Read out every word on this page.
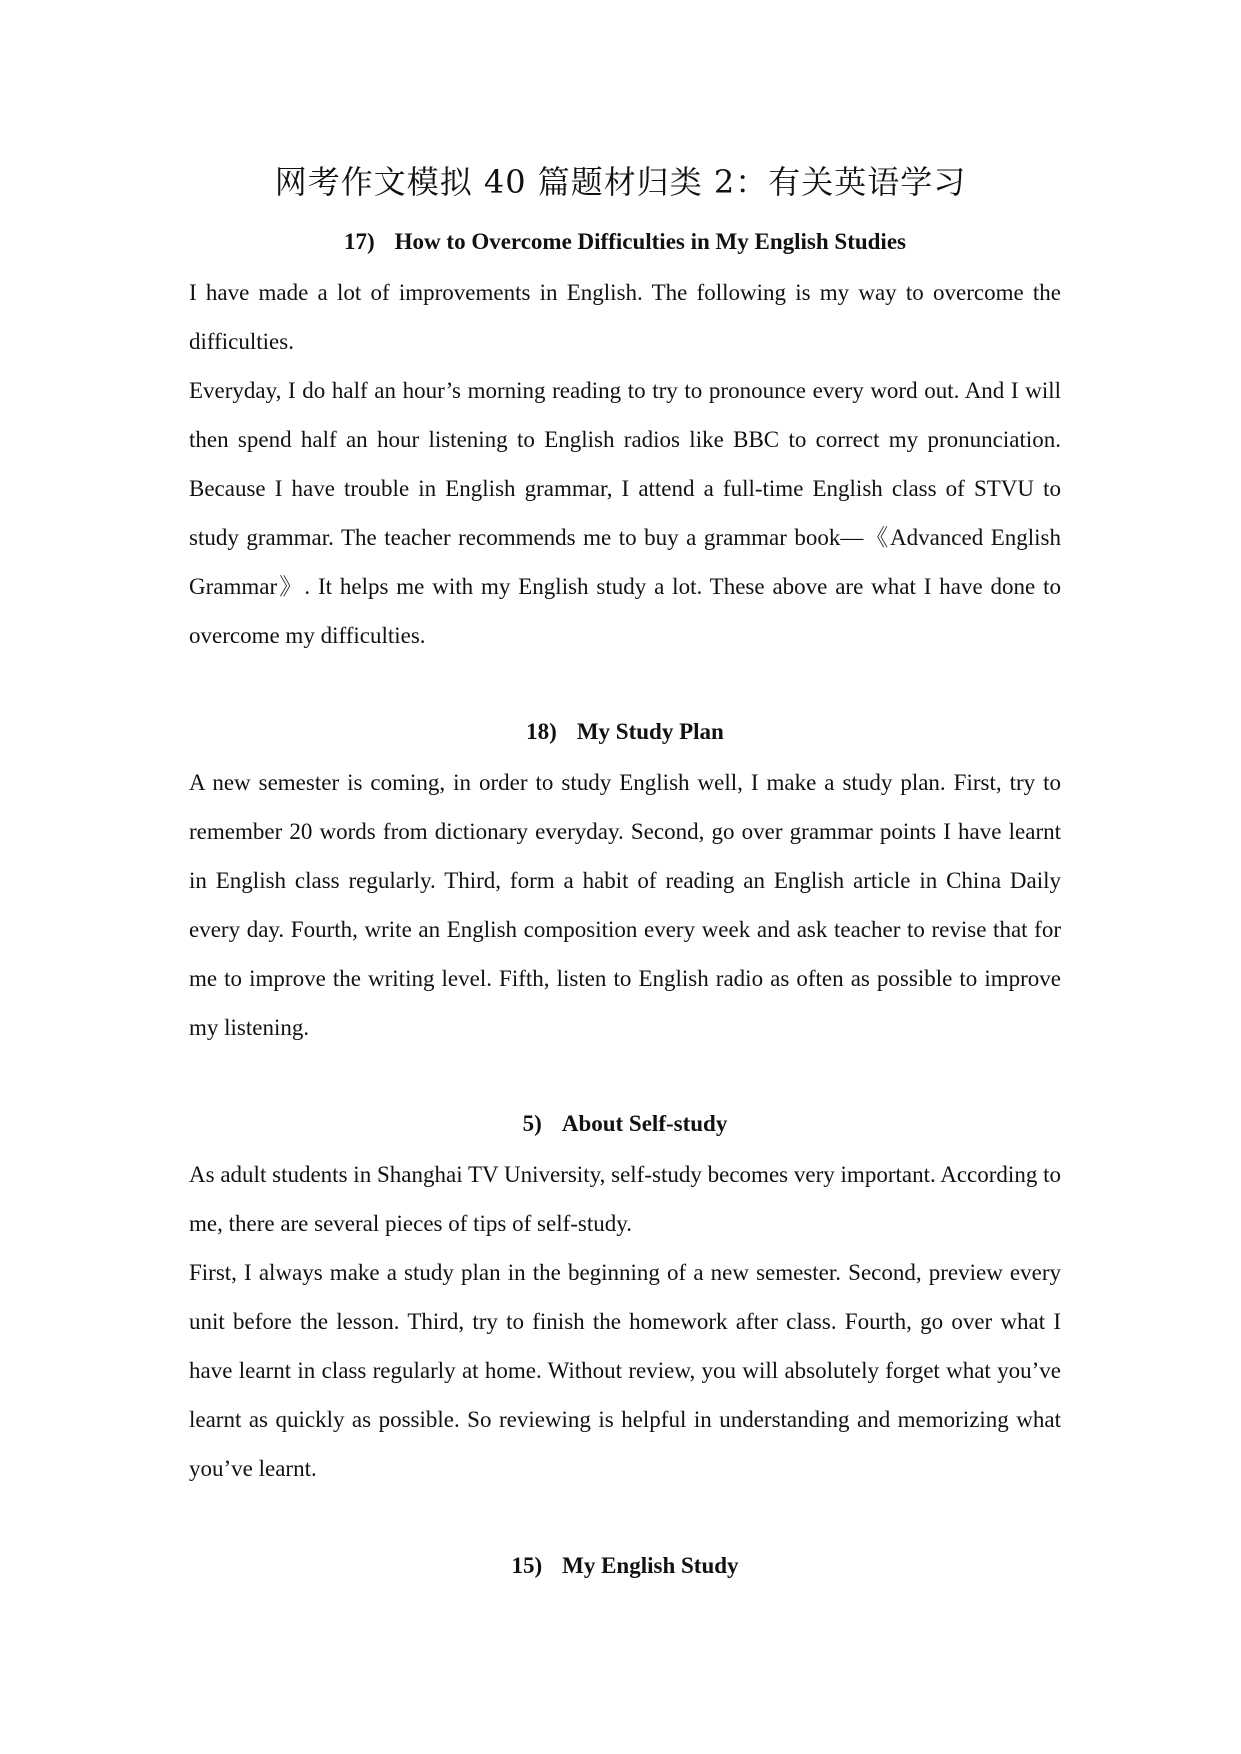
网考作文模拟 40 篇题材归类 2：有关英语学习
17) How to Overcome Difficulties in My English Studies

I have made a lot of improvements in English. The following is my way to overcome the difficulties.

Everyday, I do half an hour’s morning reading to try to pronounce every word out. And I will then spend half an hour listening to English radios like BBC to correct my pronunciation. Because I have trouble in English grammar, I attend a full-time English class of STVU to study grammar. The teacher recommends me to buy a grammar book—《Advanced English Grammar》. It helps me with my English study a lot. These above are what I have done to overcome my difficulties.

18) My Study Plan

A new semester is coming, in order to study English well, I make a study plan. First, try to remember 20 words from dictionary everyday. Second, go over grammar points I have learnt in English class regularly. Third, form a habit of reading an English article in China Daily every day. Fourth, write an English composition every week and ask teacher to revise that for me to improve the writing level. Fifth, listen to English radio as often as possible to improve my listening.

5) About Self-study

As adult students in Shanghai TV University, self-study becomes very important. According to me, there are several pieces of tips of self-study.

First, I always make a study plan in the beginning of a new semester. Second, preview every unit before the lesson. Third, try to finish the homework after class. Fourth, go over what I have learnt in class regularly at home. Without review, you will absolutely forget what you’ve learnt as quickly as possible. So reviewing is helpful in understanding and memorizing what you’ve learnt.

15) My English Study
